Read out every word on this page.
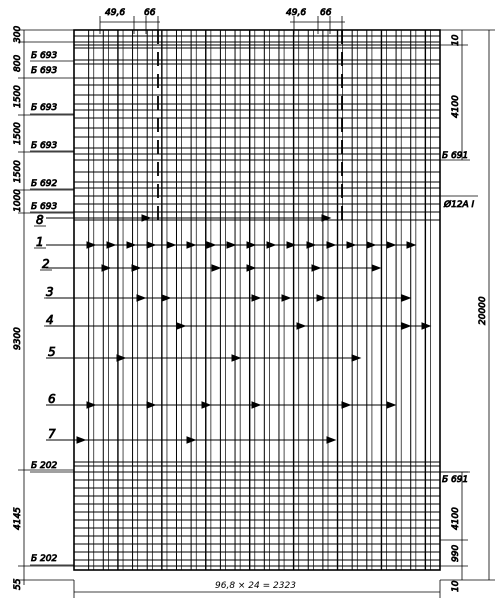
49,6 66	49,6 66
300
800
1500
1500
1500
1000
9300
4145
55
Б 693
Б 693
Б 693
Б 693
Б 692
Б 693
Б 202
Б 202
8
1
2
3
4
5
6
7
Б 691
Ø12А I
Б 691
10
4100
20000
4100
990
10
96,8 × 24 = 2323
